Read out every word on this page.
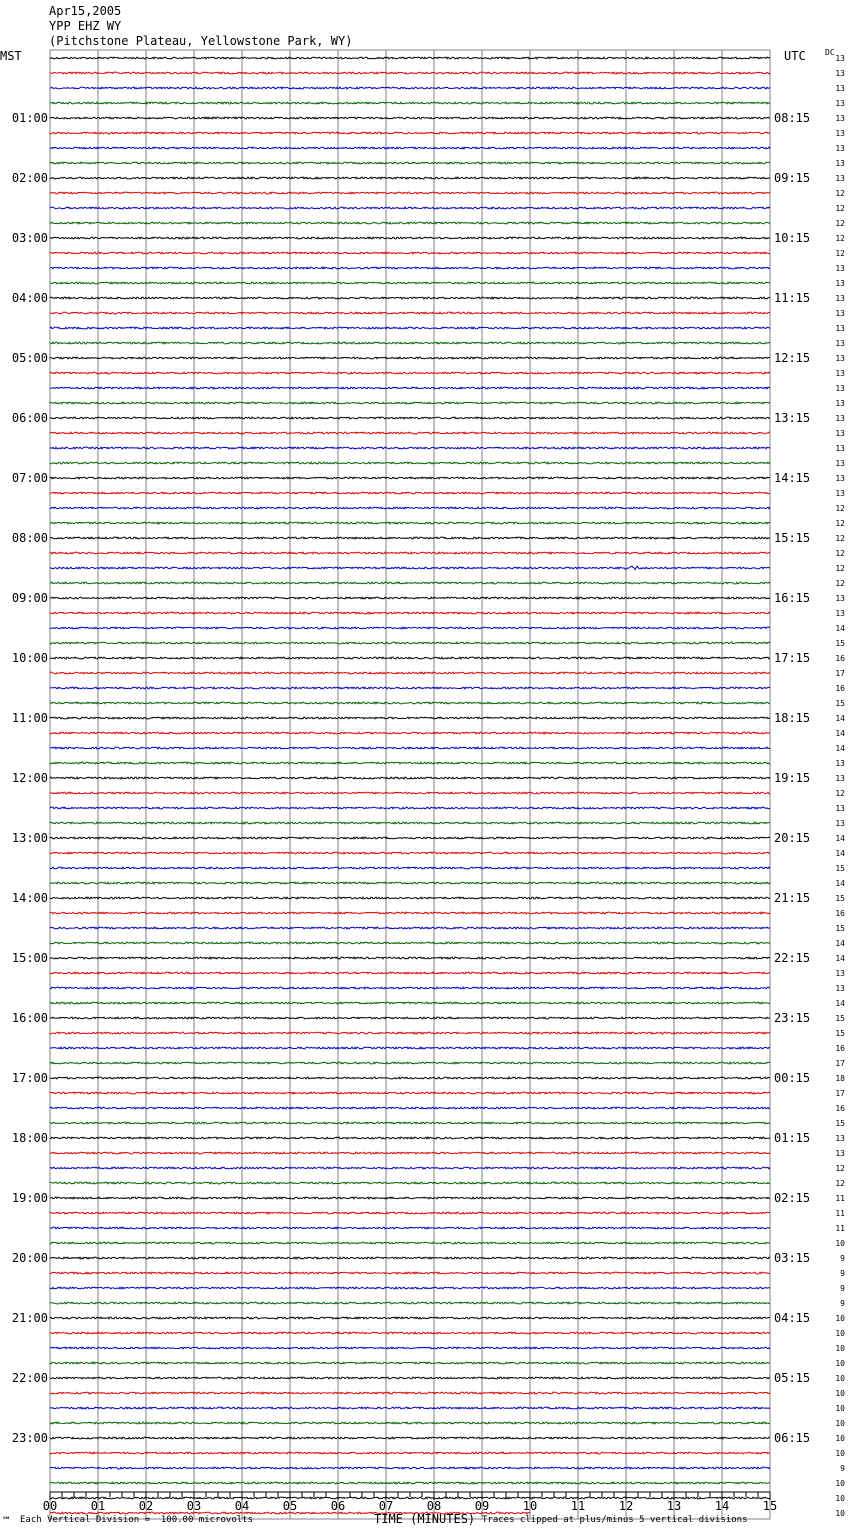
Apr15,2005
YPP EHZ WY
(Pitchstone Plateau, Yellowstone Park, WY)
MST	UTC DC
01:00
02:00
03:00
04:00
05:00
06:00
07:00
08:00
09:00
10:00
11:00
12:00
13:00
14:00
15:00
16:00
17:00
18:00
19:00
20:00
21:00
22:00
23:00
08:15
09:15
10:15
11:15
12:15
13:15
14:15
15:15
16:15
17:15
18:15
19:15
20:15
21:15
22:15
23:15
00:15
01:15
02:15
03:15
04:15
05:15
06:15
13
13
13
13
13
13
13
13
13
12
12
12
12
12
13
13
13
13
13
13
13
13
13
13
13
13
13
13
13
13
12
12
12
12
12
12
13
13
14
15
16
17
16
15
14
14
14
13
13
12
13
13
14
14
15
14
15
16
15
14
14
13
13
14
15
15
16
17
18
17
16
15
13
13
12
12
11
11
11
10
9
9
9
9
10
10
10
10
10
10
10
10
10
10
9
10
10
10
00	01	02	03	04	05	06	07	08	09	10	11	12	13	14	15
℠ Each Vertical Division =  100.00 microvolts	TIME (MINUTES) Traces clipped at plus/minus 5 vertical divisions
